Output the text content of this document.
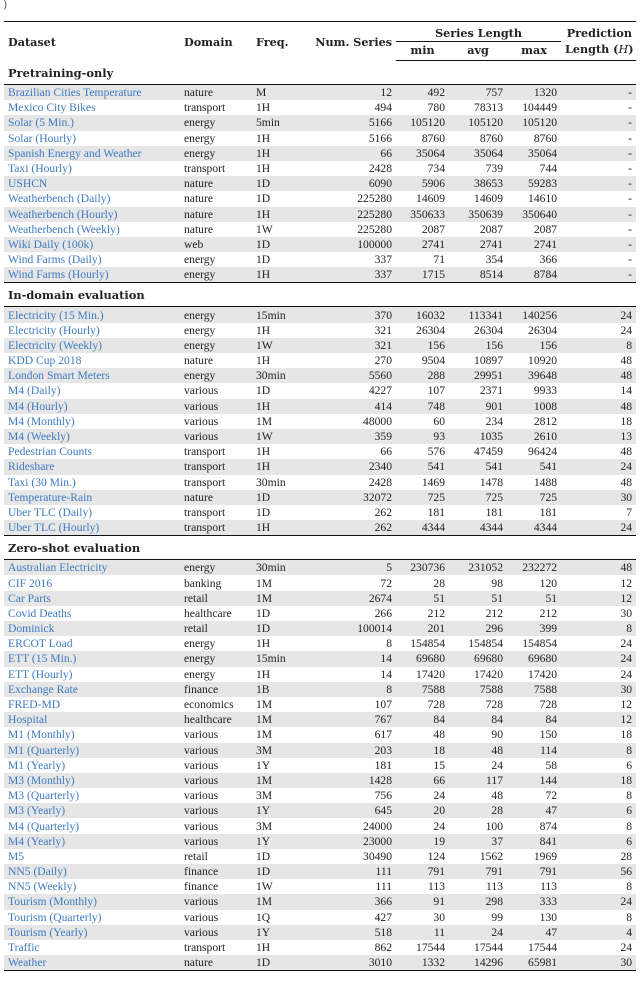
)
Dataset	Domain	Freq.	Num. Series	Series Length			Prediction
				min	avg	max	Length (H)
Pretraining-only							
Brazilian Cities Temperature	nature	M	12	492	757	1320	-
Mexico City Bikes	transport	1H	494	780	78313	104449	-
Solar (5 Min.)	energy	5min	5166	105120	105120	105120	-
Solar (Hourly)	energy	1H	5166	8760	8760	8760	-
Spanish Energy and Weather	energy	1H	66	35064	35064	35064	-
Taxi (Hourly)	transport	1H	2428	734	739	744	-
USHCN	nature	1D	6090	5906	38653	59283	-
Weatherbench (Daily)	nature	1D	225280	14609	14609	14610	-
Weatherbench (Hourly)	nature	1H	225280	350633	350639	350640	-
Weatherbench (Weekly)	nature	1W	225280	2087	2087	2087	-
Wiki Daily (100k)	web	1D	100000	2741	2741	2741	-
Wind Farms (Daily)	energy	1D	337	71	354	366	-
Wind Farms (Hourly)	energy	1H	337	1715	8514	8784	-
In-domain evaluation							
Electricity (15 Min.)	energy	15min	370	16032	113341	140256	24
Electricity (Hourly)	energy	1H	321	26304	26304	26304	24
Electricity (Weekly)	energy	1W	321	156	156	156	8
KDD Cup 2018	nature	1H	270	9504	10897	10920	48
London Smart Meters	energy	30min	5560	288	29951	39648	48
M4 (Daily)	various	1D	4227	107	2371	9933	14
M4 (Hourly)	various	1H	414	748	901	1008	48
M4 (Monthly)	various	1M	48000	60	234	2812	18
M4 (Weekly)	various	1W	359	93	1035	2610	13
Pedestrian Counts	transport	1H	66	576	47459	96424	48
Rideshare	transport	1H	2340	541	541	541	24
Taxi (30 Min.)	transport	30min	2428	1469	1478	1488	48
Temperature-Rain	nature	1D	32072	725	725	725	30
Uber TLC (Daily)	transport	1D	262	181	181	181	7
Uber TLC (Hourly)	transport	1H	262	4344	4344	4344	24
Zero-shot evaluation							
Australian Electricity	energy	30min	5	230736	231052	232272	48
CIF 2016	banking	1M	72	28	98	120	12
Car Parts	retail	1M	2674	51	51	51	12
Covid Deaths	healthcare	1D	266	212	212	212	30
Dominick	retail	1D	100014	201	296	399	8
ERCOT Load	energy	1H	8	154854	154854	154854	24
ETT (15 Min.)	energy	15min	14	69680	69680	69680	24
ETT (Hourly)	energy	1H	14	17420	17420	17420	24
Exchange Rate	finance	1B	8	7588	7588	7588	30
FRED-MD	economics	1M	107	728	728	728	12
Hospital	healthcare	1M	767	84	84	84	12
M1 (Monthly)	various	1M	617	48	90	150	18
M1 (Quarterly)	various	3M	203	18	48	114	8
M1 (Yearly)	various	1Y	181	15	24	58	6
M3 (Monthly)	various	1M	1428	66	117	144	18
M3 (Quarterly)	various	3M	756	24	48	72	8
M3 (Yearly)	various	1Y	645	20	28	47	6
M4 (Quarterly)	various	3M	24000	24	100	874	8
M4 (Yearly)	various	1Y	23000	19	37	841	6
M5	retail	1D	30490	124	1562	1969	28
NN5 (Daily)	finance	1D	111	791	791	791	56
NN5 (Weekly)	finance	1W	111	113	113	113	8
Tourism (Monthly)	various	1M	366	91	298	333	24
Tourism (Quarterly)	various	1Q	427	30	99	130	8
Tourism (Yearly)	various	1Y	518	11	24	47	4
Traffic	transport	1H	862	17544	17544	17544	24
Weather	nature	1D	3010	1332	14296	65981	30
